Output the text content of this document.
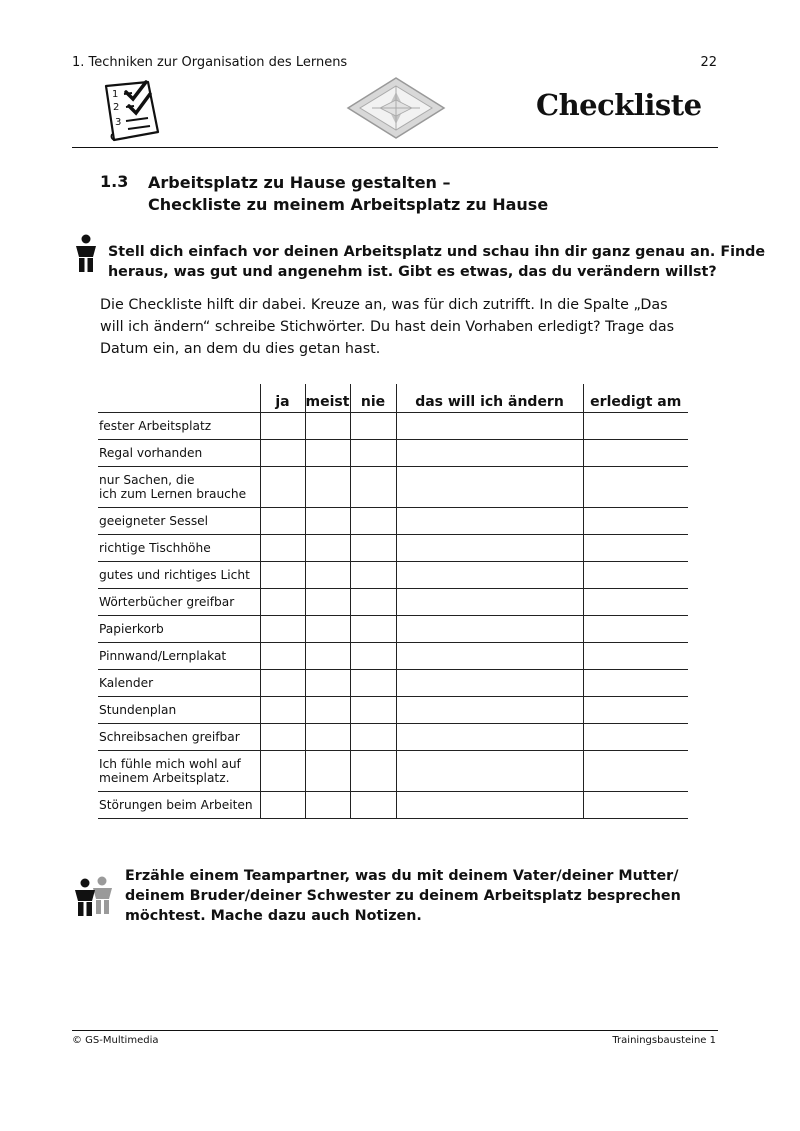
1. Techniken zur Organisation des Lernens	22
1
2
3
Checkliste
1.3 Arbeitsplatz zu Hause gestalten –
Checkliste zu meinem Arbeitsplatz zu Hause
Stell dich einfach vor deinen Arbeitsplatz und schau ihn dir ganz genau an. Finde
heraus, was gut und angenehm ist. Gibt es etwas, das du verändern willst?
Die Checkliste hilft dir dabei. Kreuze an, was für dich zutrifft. In die Spalte „Das
will ich ändern“ schreibe Stichwörter. Du hast dein Vorhaben erledigt? Trage das
Datum ein, an dem du dies getan hast.
	ja	meist	nie	das will ich ändern	erledigt am

fester Arbeitsplatz					

Regal vorhanden					

nur Sachen, die
ich zum Lernen brauche					

geeigneter Sessel					

richtige Tischhöhe					

gutes und richtiges Licht					

Wörterbücher greifbar					

Papierkorb					

Pinnwand/Lernplakat					

Kalender					

Stundenplan					

Schreibsachen greifbar					

Ich fühle mich wohl auf
meinem Arbeitsplatz.					

Störungen beim Arbeiten					

Erzähle einem Teampartner, was du mit deinem Vater/deiner Mutter/
deinem Bruder/deiner Schwester zu deinem Arbeitsplatz besprechen
möchtest. Mache dazu auch Notizen.
© GS-Multimedia	Trainingsbausteine 1
